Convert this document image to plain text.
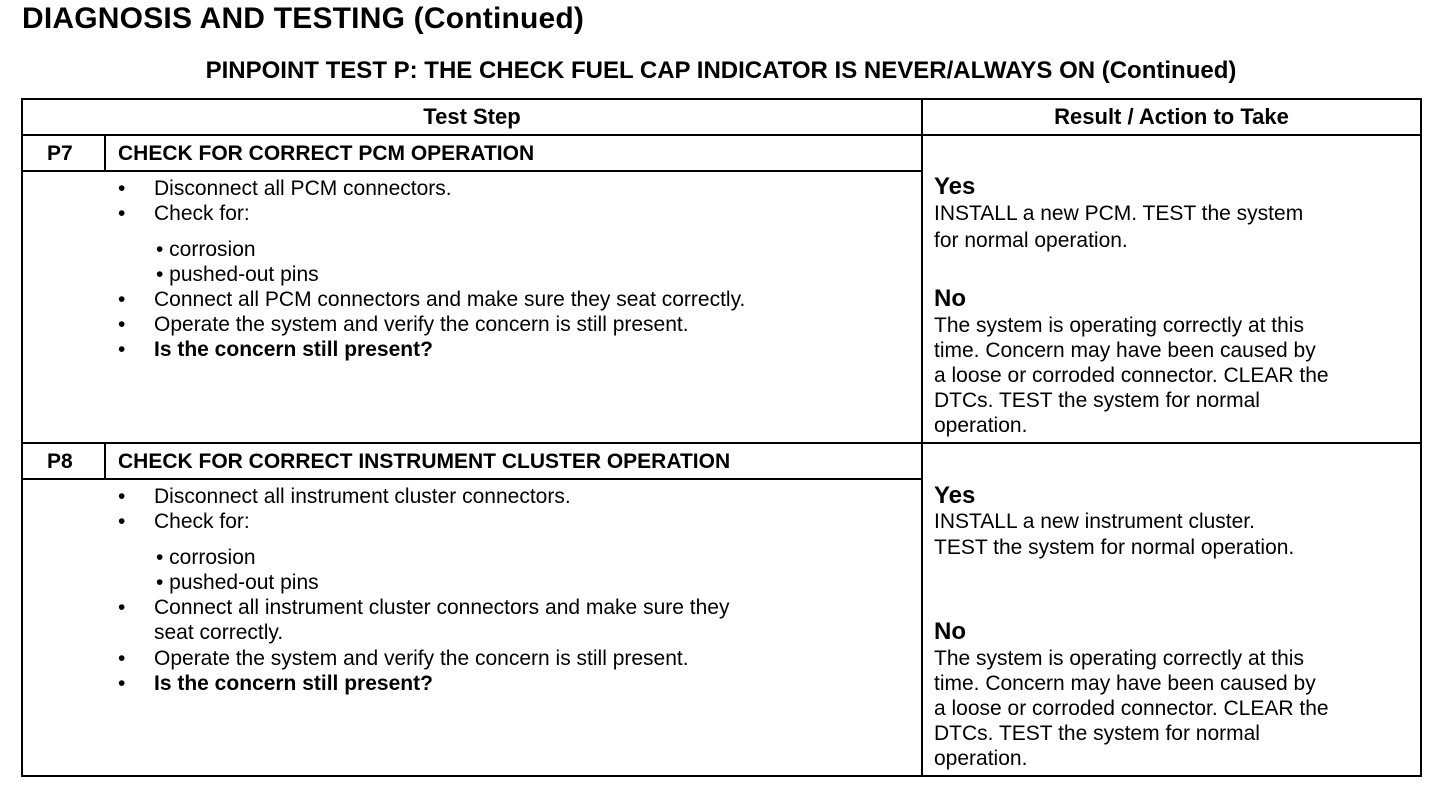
DIAGNOSIS AND TESTING (Continued)
PINPOINT TEST P: THE CHECK FUEL CAP INDICATOR IS NEVER/ALWAYS ON (Continued)
Test Step	Result / Action to Take
P7 CHECK FOR CORRECT PCM OPERATION
• Disconnect all PCM connectors.
• Check for:
• corrosion
• pushed-out pins
• Connect all PCM connectors and make sure they seat correctly.
• Operate the system and verify the concern is still present.
• Is the concern still present?
Yes
INSTALL a new PCM. TEST the system
for normal operation.
No
The system is operating correctly at this
time. Concern may have been caused by
a loose or corroded connector. CLEAR the
DTCs. TEST the system for normal
operation.
P8 CHECK FOR CORRECT INSTRUMENT CLUSTER OPERATION
• Disconnect all instrument cluster connectors.
• Check for:
• corrosion
• pushed-out pins
• Connect all instrument cluster connectors and make sure they
seat correctly.
• Operate the system and verify the concern is still present.
• Is the concern still present?
Yes
INSTALL a new instrument cluster.
TEST the system for normal operation.
No
The system is operating correctly at this
time. Concern may have been caused by
a loose or corroded connector. CLEAR the
DTCs. TEST the system for normal
operation.
